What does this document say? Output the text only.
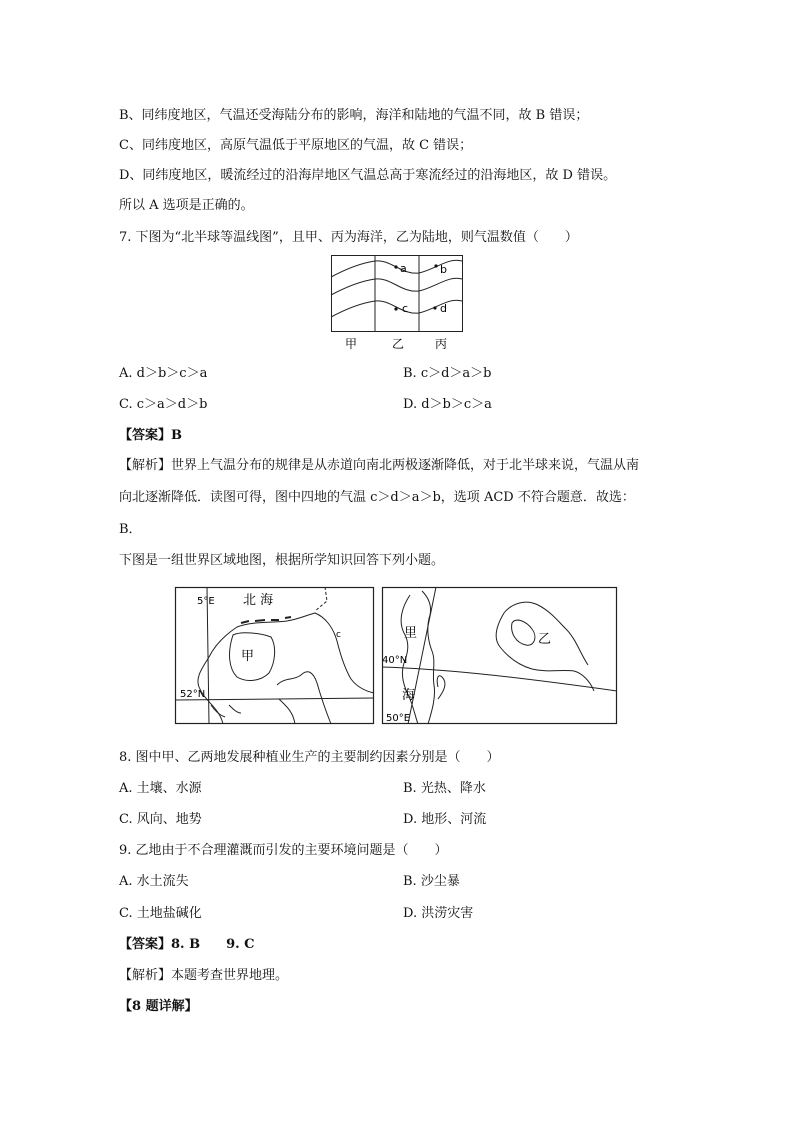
B、同纬度地区，气温还受海陆分布的影响，海洋和陆地的气温不同，故 B 错误；
C、同纬度地区，高原气温低于平原地区的气温，故 C 错误；
D、同纬度地区，暖流经过的沿海岸地区气温总高于寒流经过的沿海地区，故 D 错误。
所以 A 选项是正确的。
7. 下图为“北半球等温线图”，且甲、丙为海洋，乙为陆地，则气温数值（　　）
a	b
c	d
甲	乙	丙
A. d＞b＞c＞a	B. c＞d＞a＞b
C. c＞a＞d＞b	D. d＞b＞c＞a
【答案】B
【解析】世界上气温分布的规律是从赤道向南北两极逐渐降低，对于北半球来说，气温从南
向北逐渐降低．读图可得，图中四地的气温 c＞d＞a＞b，选项 ACD 不符合题意．故选：
B．
下图是一组世界区域地图，根据所学知识回答下列小题。
5°E 北 海
52°N
c
甲	40°N
50°E
里
海
乙
8. 图中甲、乙两地发展种植业生产的主要制约因素分别是（　　）
A. 土壤、水源	B. 光热、降水
C. 风向、地势	D. 地形、河流
9. 乙地由于不合理灌溉而引发的主要环境问题是（　　）
A. 水土流失	B. 沙尘暴
C. 土地盐碱化	D. 洪涝灾害
【答案】8. B　　9. C
【解析】本题考查世界地理。
【8 题详解】
